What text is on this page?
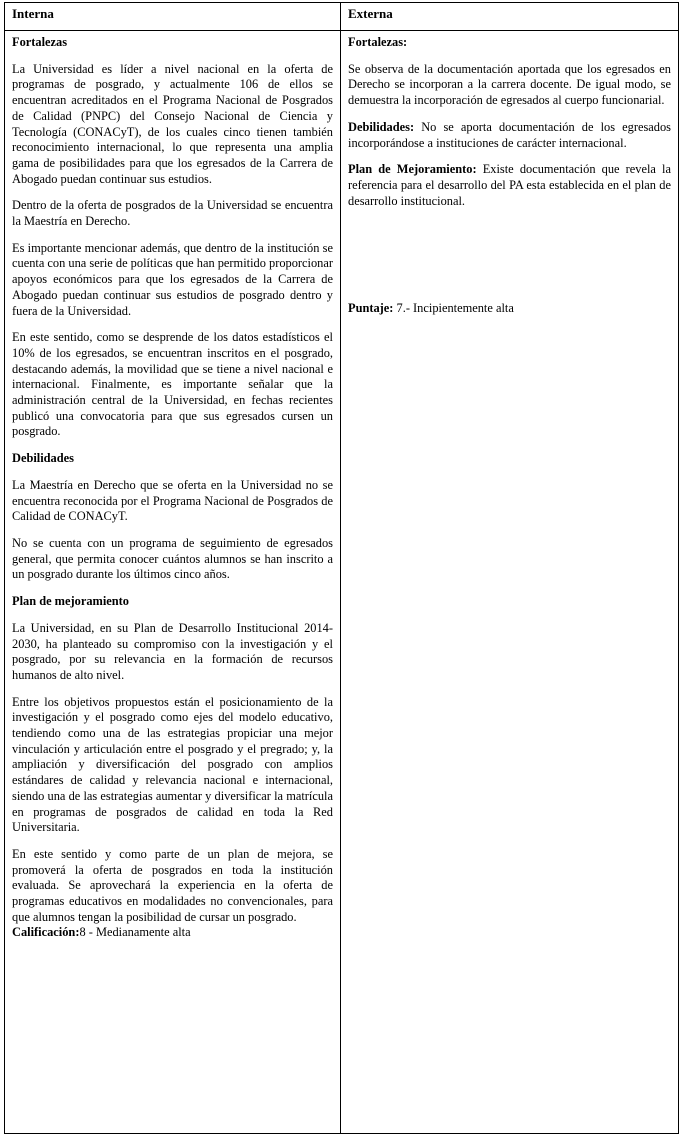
Interna	Externa

Fortalezas

La Universidad es líder a nivel nacional en la oferta de programas de posgrado, y actualmente 106 de ellos se encuentran acreditados en el Programa Nacional de Posgrados de Calidad (PNPC) del Consejo Nacional de Ciencia y Tecnología (CONACyT), de los cuales cinco tienen también reconocimiento internacional, lo que representa una amplia gama de posibilidades para que los egresados de la Carrera de Abogado puedan continuar sus estudios.

Dentro de la oferta de posgrados de la Universidad se encuentra la Maestría en Derecho.

Es importante mencionar además, que dentro de la institución se cuenta con una serie de políticas que han permitido proporcionar apoyos económicos para que los egresados de la Carrera de Abogado puedan continuar sus estudios de posgrado dentro y fuera de la Universidad.

En este sentido, como se desprende de los datos estadísticos el 10% de los egresados, se encuentran inscritos en el posgrado, destacando además, la movilidad que se tiene a nivel nacional e internacional. Finalmente, es importante señalar que la administración central de la Universidad, en fechas recientes publicó una convocatoria para que sus egresados cursen un posgrado.

Debilidades

La Maestría en Derecho que se oferta en la Universidad no se encuentra reconocida por el Programa Nacional de Posgrados de Calidad de CONACyT.

No se cuenta con un programa de seguimiento de egresados general, que permita conocer cuántos alumnos se han inscrito a un posgrado durante los últimos cinco años.

Plan de mejoramiento

La Universidad, en su Plan de Desarrollo Institucional 2014-2030, ha planteado su compromiso con la investigación y el posgrado, por su relevancia en la formación de recursos humanos de alto nivel.

Entre los objetivos propuestos están el posicionamiento de la investigación y el posgrado como ejes del modelo educativo, tendiendo como una de las estrategias propiciar una mejor vinculación y articulación entre el posgrado y el pregrado; y, la ampliación y diversificación del posgrado con amplios estándares de calidad y relevancia nacional e internacional, siendo una de las estrategias aumentar y diversificar la matrícula en programas de posgrados de calidad en toda la Red Universitaria.

En este sentido y como parte de un plan de mejora, se promoverá la oferta de posgrados en toda la institución evaluada. Se aprovechará la experiencia en la oferta de programas educativos en modalidades no convencionales, para que alumnos tengan la posibilidad de cursar un posgrado.

Calificación:8 - Medianamente alta

Fortalezas:

Se observa de la documentación aportada que los egresados en Derecho se incorporan a la carrera docente. De igual modo, se demuestra la incorporación de egresados al cuerpo funcionarial.

Debilidades: No se aporta documentación de los egresados incorporándose a instituciones de carácter internacional.

Plan de Mejoramiento: Existe documentación que revela la referencia para el desarrollo del PA esta establecida en el plan de desarrollo institucional.

Puntaje: 7.- Incipientemente alta
